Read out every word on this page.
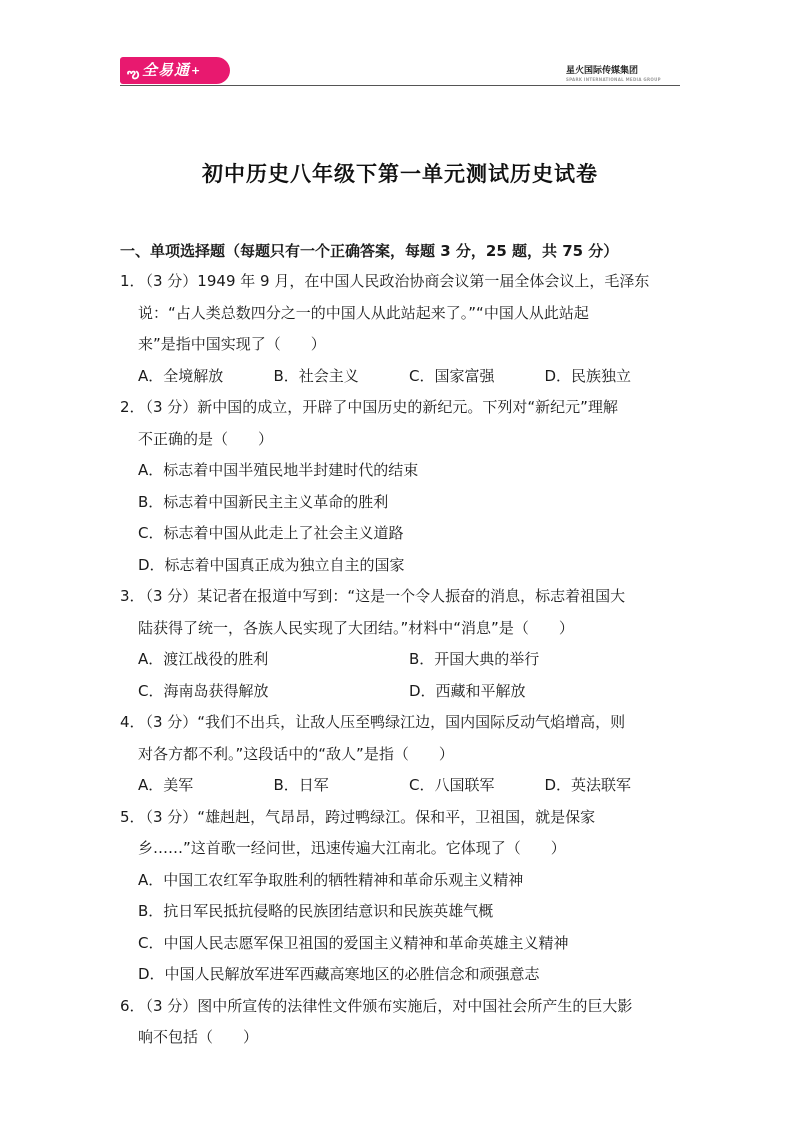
ఌ 全易通+	星火国际传媒集团
SPARK INTERNATIONAL MEDIA GROUP
初中历史八年级下第一单元测试历史试卷
一、单项选择题（每题只有一个正确答案，每题 3 分，25 题，共 75 分）
1．（3 分）1949 年 9 月，在中国人民政治协商会议第一届全体会议上，毛泽东
说：“占人类总数四分之一的中国人从此站起来了。”“中国人从此站起
来”是指中国实现了（　　）
A．全境解放	B．社会主义	C．国家富强	D．民族独立
2．（3 分）新中国的成立，开辟了中国历史的新纪元。下列对“新纪元”理解
不正确的是（　　）
A．标志着中国半殖民地半封建时代的结束
B．标志着中国新民主主义革命的胜利
C．标志着中国从此走上了社会主义道路
D．标志着中国真正成为独立自主的国家
3．（3 分）某记者在报道中写到：“这是一个令人振奋的消息，标志着祖国大
陆获得了统一，各族人民实现了大团结。”材料中“消息”是（　　）
A．渡江战役的胜利	B．开国大典的举行
C．海南岛获得解放	D．西藏和平解放
4．（3 分）“我们不出兵，让敌人压至鸭绿江边，国内国际反动气焰增高，则
对各方都不利。”这段话中的“敌人”是指（　　）
A．美军	B．日军	C．八国联军	D．英法联军
5．（3 分）“雄赳赳，气昂昂，跨过鸭绿江。保和平，卫祖国，就是保家
乡……”这首歌一经问世，迅速传遍大江南北。它体现了（　　）
A．中国工农红军争取胜利的牺牲精神和革命乐观主义精神
B．抗日军民抵抗侵略的民族团结意识和民族英雄气概
C．中国人民志愿军保卫祖国的爱国主义精神和革命英雄主义精神
D．中国人民解放军进军西藏高寒地区的必胜信念和顽强意志
6．（3 分）图中所宣传的法律性文件颁布实施后，对中国社会所产生的巨大影
响不包括（　　）
